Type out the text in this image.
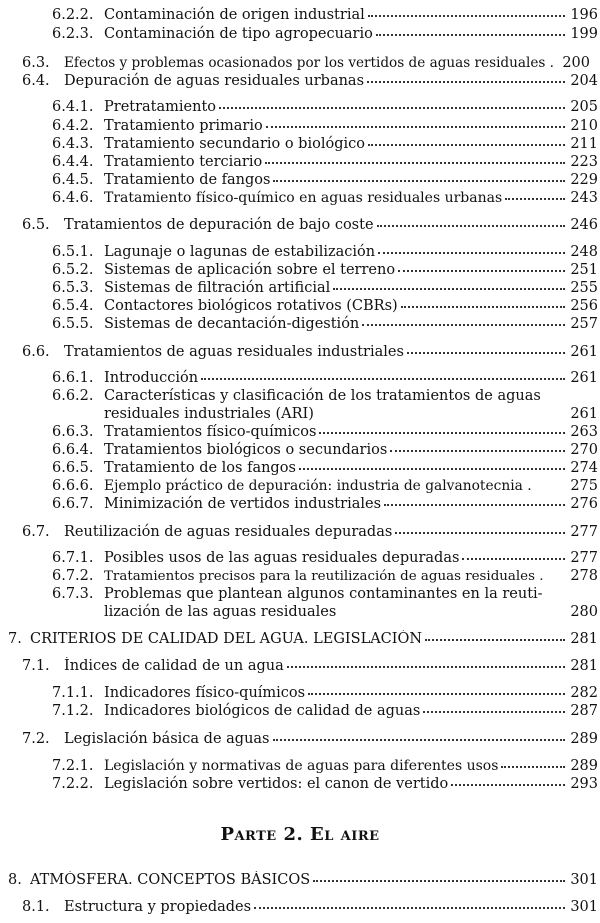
6.2.2. Contaminación de origen industrial	196
6.2.3. Contaminación de tipo agropecuario	199
6.3.	Efectos y problemas ocasionados por los vertidos de aguas residuales . 200
6.4. Depuración de aguas residuales urbanas	204
6.4.1. Pretratamiento	205
6.4.2. Tratamiento primario	210
6.4.3. Tratamiento secundario o biológico	211
6.4.4. Tratamiento terciario	223
6.4.5. Tratamiento de fangos	229
6.4.6. Tratamiento físico-químico en aguas residuales urbanas	243
6.5. Tratamientos de depuración de bajo coste	246
6.5.1. Lagunaje o lagunas de estabilización	248
6.5.2. Sistemas de aplicación sobre el terreno	251
6.5.3. Sistemas de filtración artificial	255
6.5.4. Contactores biológicos rotativos (CBRs)	256
6.5.5. Sistemas de decantación-digestión	257
6.6. Tratamientos de aguas residuales industriales	261
6.6.1. Introducción	261
6.6.2. Características y clasificación de los tratamientos de aguas
residuales industriales (ARI)	261
6.6.3. Tratamientos físico-químicos	263
6.6.4. Tratamientos biológicos o secundarios	270
6.6.5. Tratamiento de los fangos	274
6.6.6. Ejemplo práctico de depuración: industria de galvanotecnia .	275
6.6.7. Minimización de vertidos industriales	276
6.7. Reutilización de aguas residuales depuradas	277
6.7.1. Posibles usos de las aguas residuales depuradas	277
6.7.2. Tratamientos precisos para la reutilización de aguas residuales . 278
6.7.3. Problemas que plantean algunos contaminantes en la reuti-
lización de las aguas residuales	280
7. CRITERIOS DE CALIDAD DEL AGUA. LEGISLACIÓN	281
7.1. Índices de calidad de un agua	281
7.1.1. Indicadores físico-químicos	282
7.1.2. Indicadores biológicos de calidad de aguas	287
7.2. Legislación básica de aguas	289
7.2.1. Legislación y normativas de aguas para diferentes usos	289
7.2.2. Legislación sobre vertidos: el canon de vertido	293
Parte 2. El aire
8. ATMÓSFERA. CONCEPTOS BÁSICOS	301
8.1. Estructura y propiedades	301
